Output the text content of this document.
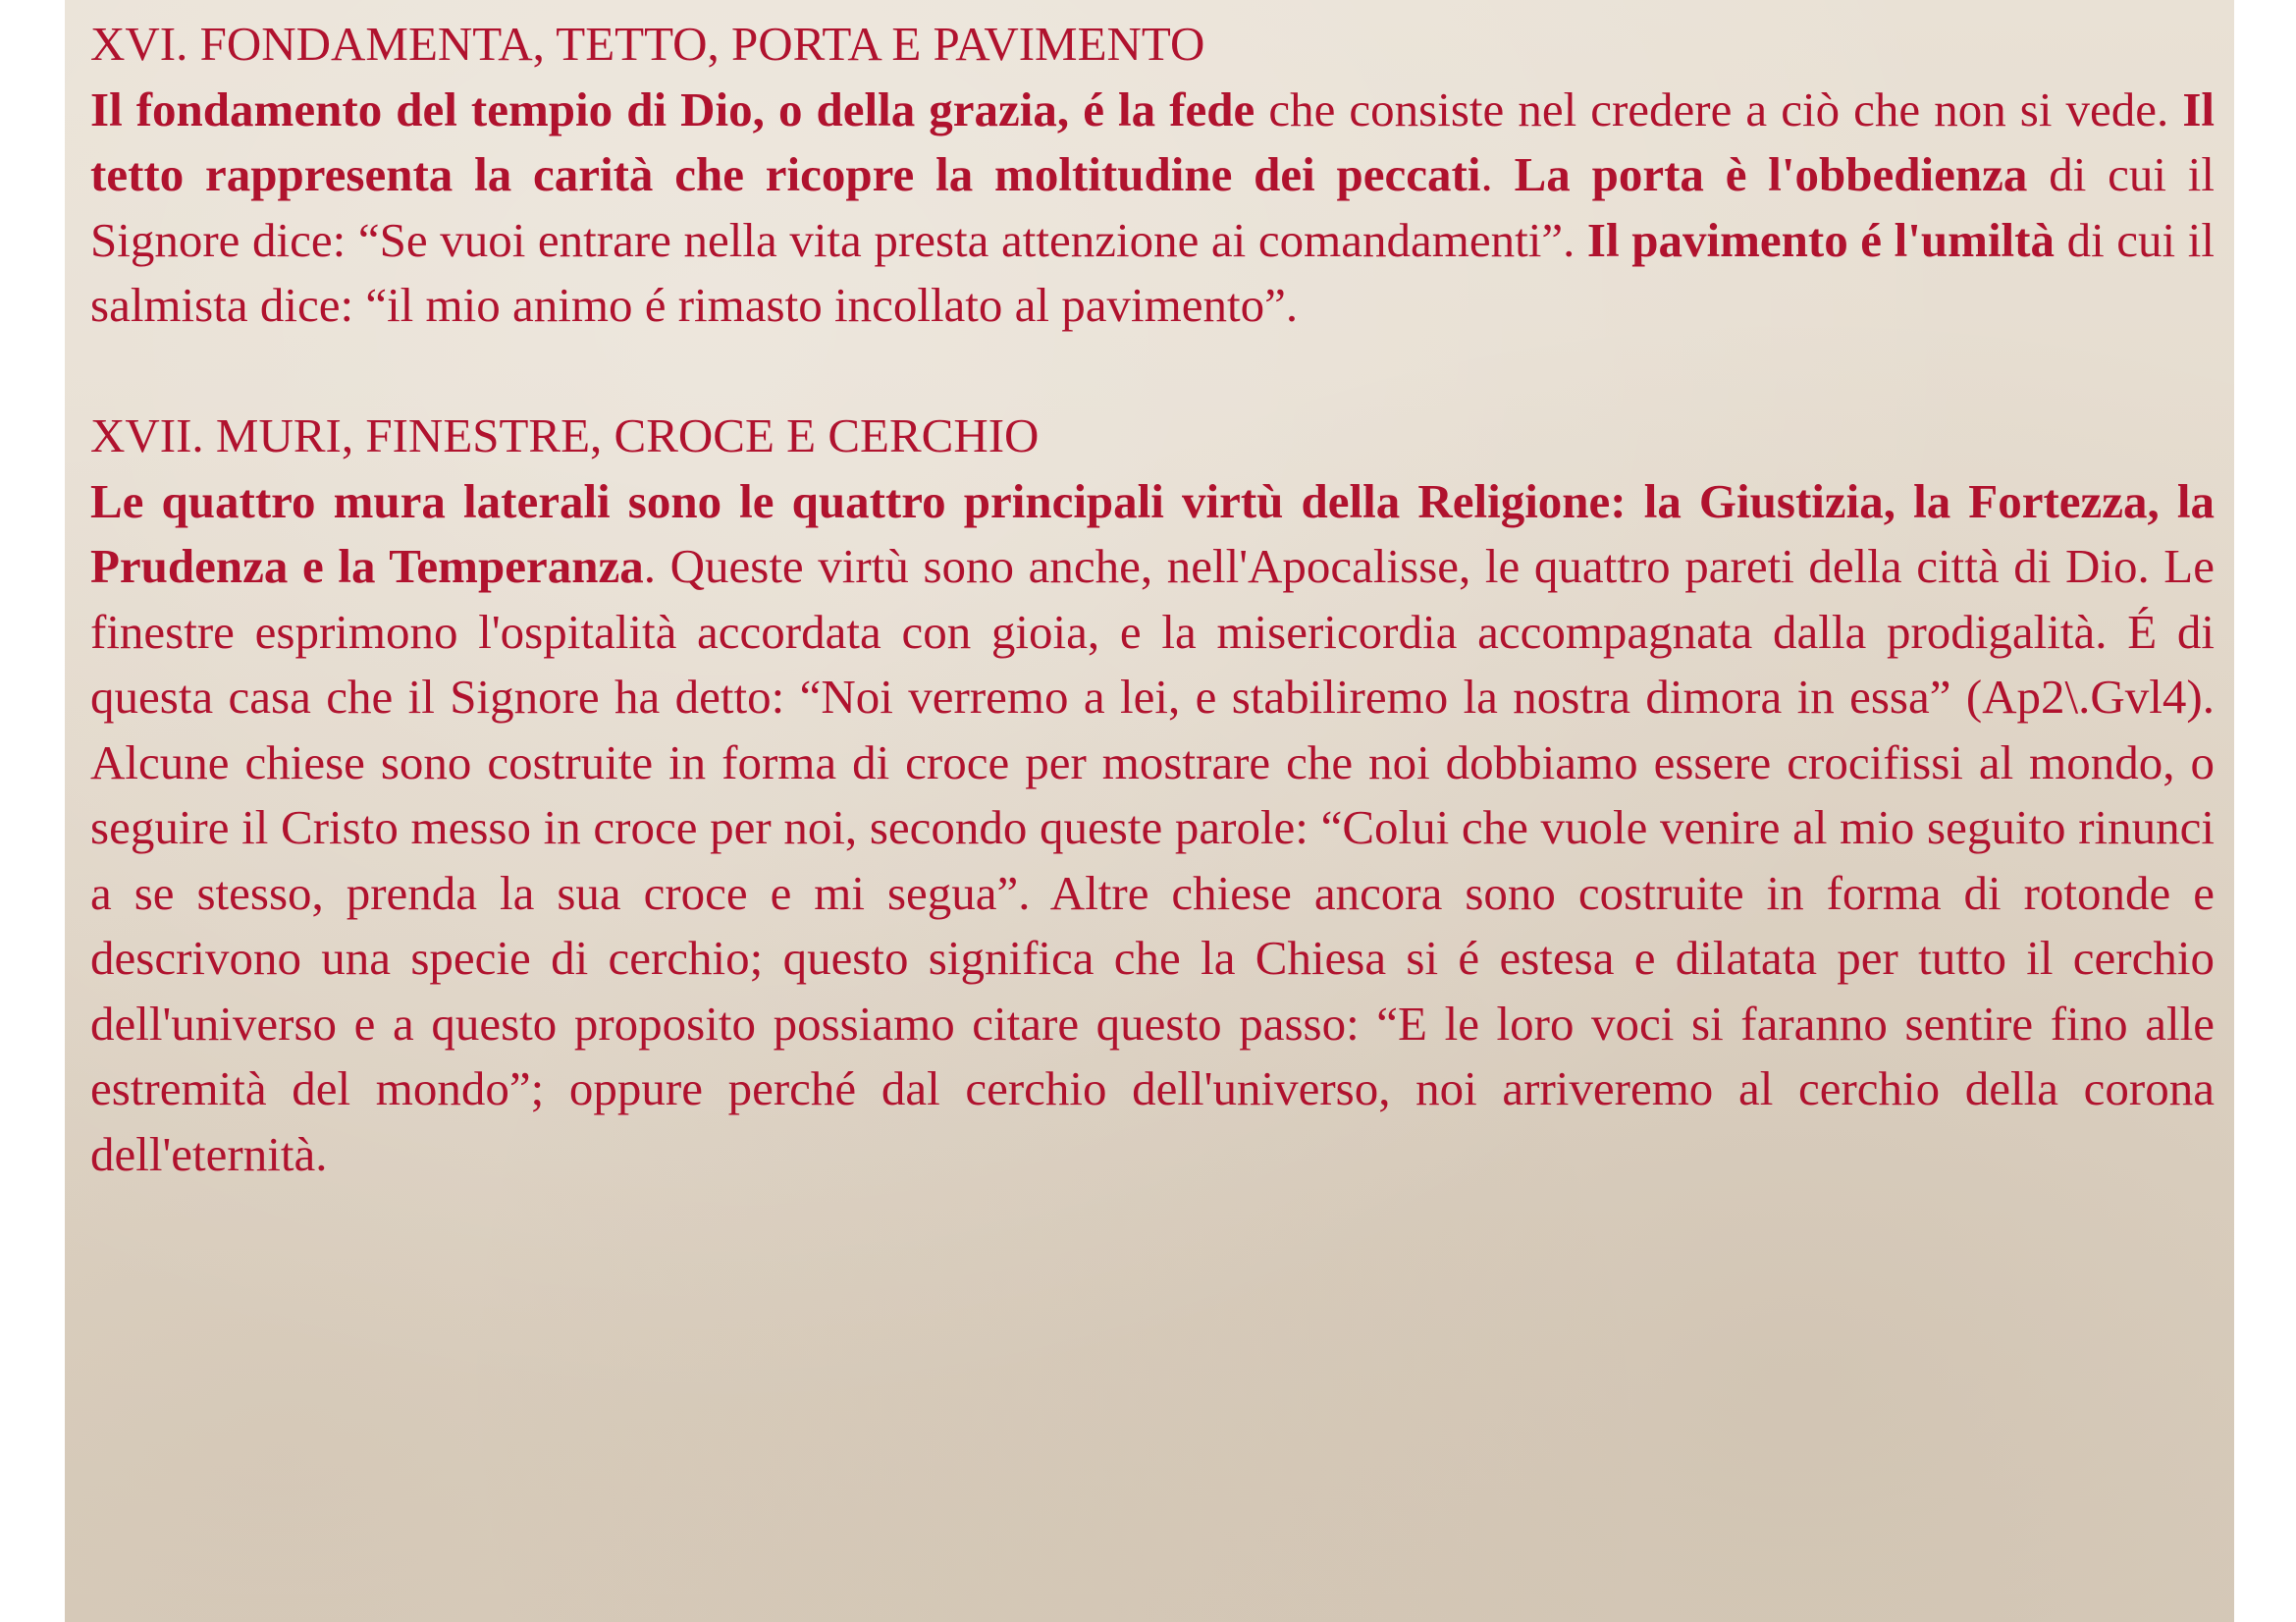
XVI. FONDAMENTA, TETTO, PORTA E PAVIMENTO

Il fondamento del tempio di Dio, o della grazia, é la fede che consiste nel credere a ciò che non si vede. Il tetto rappresenta la carità che ricopre la moltitudine dei peccati. La porta è l'obbedienza di cui il Signore dice: “Se vuoi entrare nella vita presta attenzione ai comandamenti”. Il pavimento é l'umiltà di cui il salmista dice: “il mio animo é rimasto incollato al pavimento”.

XVII. MURI, FINESTRE, CROCE E CERCHIO

Le quattro mura laterali sono le quattro principali virtù della Religione: la Giustizia, la Fortezza, la Prudenza e la Temperanza. Queste virtù sono anche, nell'Apocalisse, le quattro pareti della città di Dio. Le finestre esprimono l'ospitalità accordata con gioia, e la misericordia accompagnata dalla prodigalità. É di questa casa che il Signore ha detto: “Noi verremo a lei, e stabiliremo la nostra dimora in essa” (Ap2\.Gvl4). Alcune chiese sono costruite in forma di croce per mostrare che noi dobbiamo essere crocifissi al mondo, o seguire il Cristo messo in croce per noi, secondo queste parole: “Colui che vuole venire al mio seguito rinunci a se stesso, prenda la sua croce e mi segua”. Altre chiese ancora sono costruite in forma di rotonde e descrivono una specie di cerchio; questo significa che la Chiesa si é estesa e dilatata per tutto il cerchio dell'universo e a questo proposito possiamo citare questo passo: “E le loro voci si faranno sentire fino alle estremità del mondo”; oppure perché dal cerchio dell'universo, noi arriveremo al cerchio della corona dell'eternità.
